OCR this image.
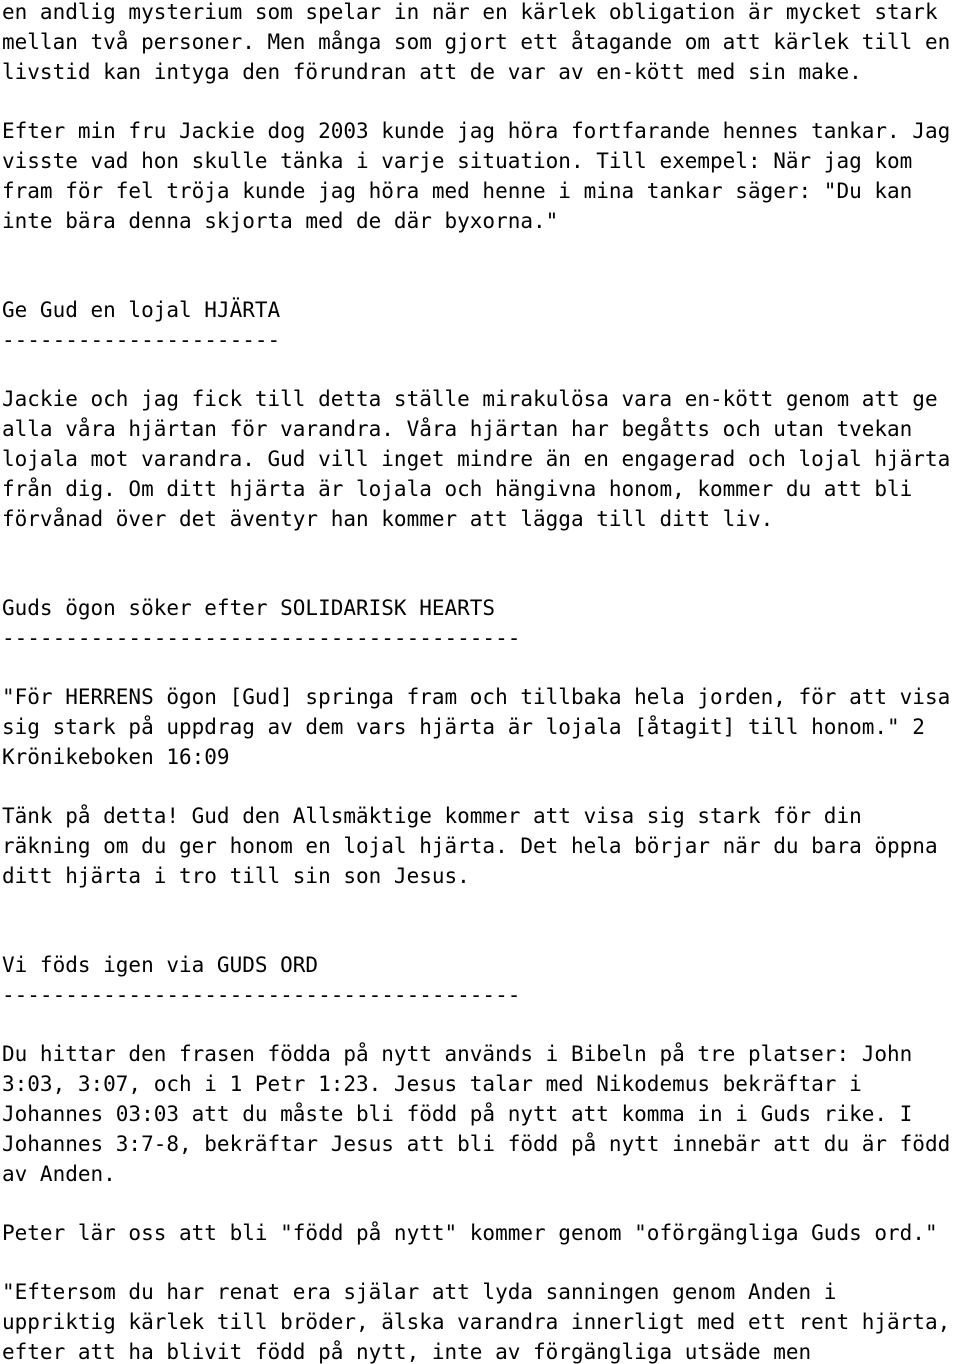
en andlig mysterium som spelar in när en kärlek obligation är mycket stark
mellan två personer. Men många som gjort ett åtagande om att kärlek till en
livstid kan intyga den förundran att de var av en-kött med sin make.
Efter min fru Jackie dog 2003 kunde jag höra fortfarande hennes tankar. Jag
visste vad hon skulle tänka i varje situation. Till exempel: När jag kom
fram för fel tröja kunde jag höra med henne i mina tankar säger: "Du kan
inte bära denna skjorta med de där byxorna."
Ge Gud en lojal HJÄRTA
----------------------
Jackie och jag fick till detta ställe mirakulösa vara en-kött genom att ge
alla våra hjärtan för varandra. Våra hjärtan har begåtts och utan tvekan
lojala mot varandra. Gud vill inget mindre än en engagerad och lojal hjärta
från dig. Om ditt hjärta är lojala och hängivna honom, kommer du att bli
förvånad över det äventyr han kommer att lägga till ditt liv.
Guds ögon söker efter SOLIDARISK HEARTS
-----------------------------------------
"För HERRENS ögon [Gud] springa fram och tillbaka hela jorden, för att visa
sig stark på uppdrag av dem vars hjärta är lojala [åtagit] till honom." 2
Krönikeboken 16:09
Tänk på detta! Gud den Allsmäktige kommer att visa sig stark för din
räkning om du ger honom en lojal hjärta. Det hela börjar när du bara öppna
ditt hjärta i tro till sin son Jesus.
Vi föds igen via GUDS ORD
-----------------------------------------
Du hittar den frasen födda på nytt används i Bibeln på tre platser: John
3:03, 3:07, och i 1 Petr 1:23. Jesus talar med Nikodemus bekräftar i
Johannes 03:03 att du måste bli född på nytt att komma in i Guds rike. I
Johannes 3:7-8, bekräftar Jesus att bli född på nytt innebär att du är född
av Anden.
Peter lär oss att bli "född på nytt" kommer genom "oförgängliga Guds ord."
"Eftersom du har renat era själar att lyda sanningen genom Anden i
uppriktig kärlek till bröder, älska varandra innerligt med ett rent hjärta,
efter att ha blivit född på nytt, inte av förgängliga utsäde men
